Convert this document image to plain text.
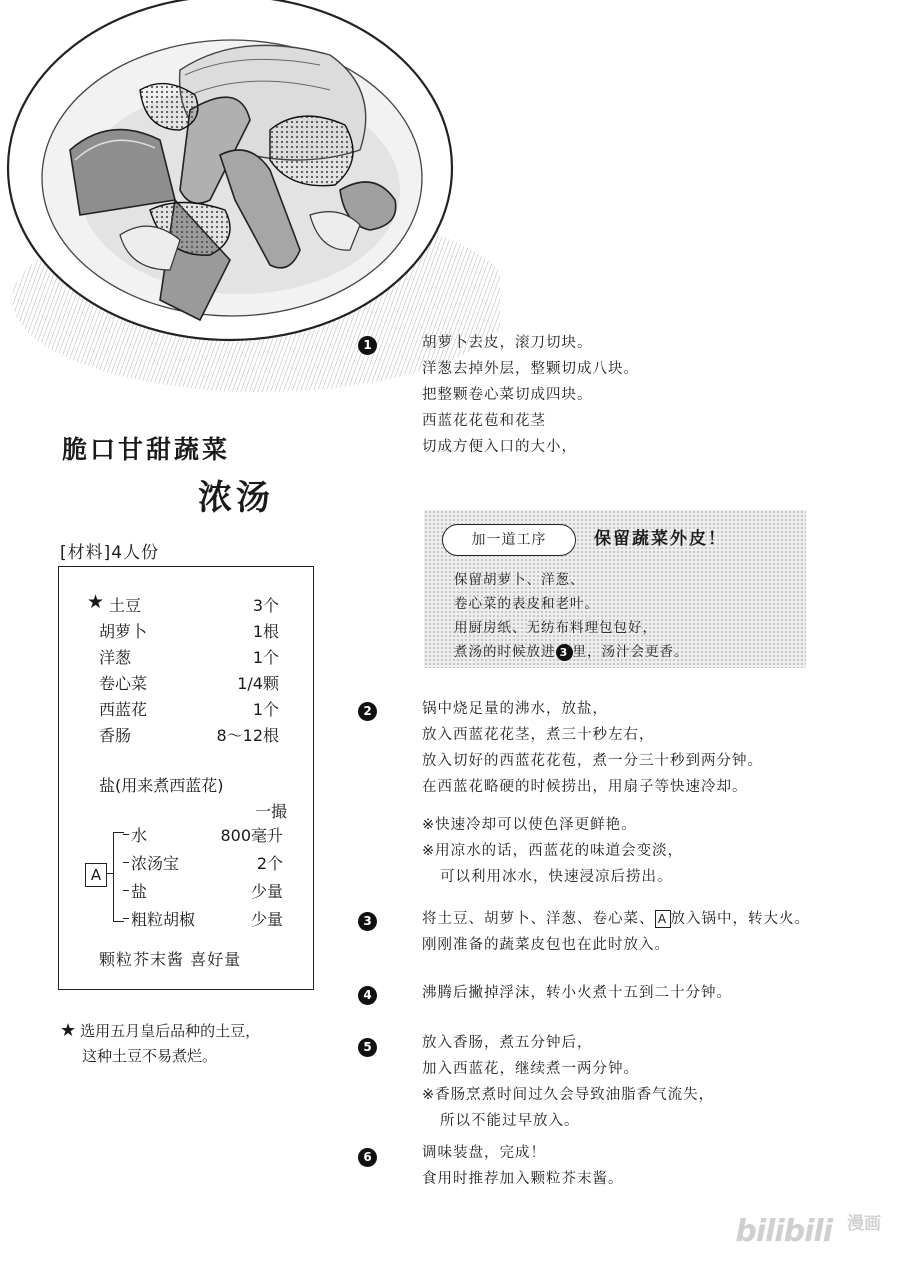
脆口甘甜蔬菜
浓汤
[材料]4人份
★ 土豆	3个
胡萝卜	1根
洋葱	1个
卷心菜	1/4颗
西蓝花	1个
香肠	8～12根
盐(用来煮西蓝花)
一撮
A
水	800毫升
浓汤宝	2个
盐	少量
粗粒胡椒	少量
颗粒芥末酱 喜好量
★ 选用五月皇后品种的土豆，
这种土豆不易煮烂。
1	胡萝卜去皮，滚刀切块。
洋葱去掉外层，整颗切成八块。
把整颗卷心菜切成四块。
西蓝花花苞和花茎
切成方便入口的大小，
加一道工序	保留蔬菜外皮！
保留胡萝卜、洋葱、
卷心菜的表皮和老叶。
用厨房纸、无纺布料理包包好，
煮汤的时候放进 3 里，汤汁会更香。
2	锅中烧足量的沸水，放盐，
放入西蓝花花茎，煮三十秒左右，
放入切好的西蓝花花苞，煮一分三十秒到两分钟。
在西蓝花略硬的时候捞出，用扇子等快速冷却。
※快速冷却可以使色泽更鲜艳。
※用凉水的话，西蓝花的味道会变淡，
可以利用冰水，快速浸凉后捞出。
3	将土豆、胡萝卜、洋葱、卷心菜、 A 放入锅中，转大火。
刚刚准备的蔬菜皮包也在此时放入。
4	沸腾后撇掉浮沫，转小火煮十五到二十分钟。
5	放入香肠，煮五分钟后，
加入西蓝花，继续煮一两分钟。
※香肠烹煮时间过久会导致油脂香气流失，
所以不能过早放入。
6	调味装盘，完成！
食用时推荐加入颗粒芥末酱。
bilibili 漫画
